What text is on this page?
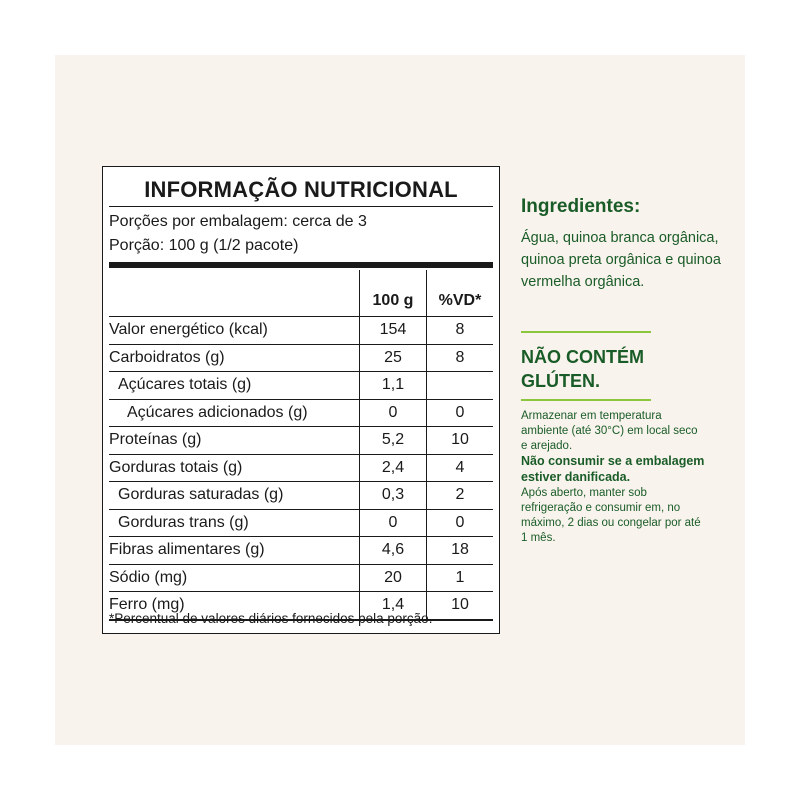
INFORMAÇÃO NUTRICIONAL
Porções por embalagem: cerca de 3
Porção: 100 g (1/2 pacote)
	100 g	%VD*
Valor energético (kcal)	154	8
Carboidratos (g)	25	8
Açúcares totais (g)	1,1	
Açúcares adicionados (g)	0	0
Proteínas (g)	5,2	10
Gorduras totais (g)	2,4	4
Gorduras saturadas (g)	0,3	2
Gorduras trans (g)	0	0
Fibras alimentares (g)	4,6	18
Sódio (mg)	20	1
Ferro (mg)	1,4	10
*Percentual de valores diários fornecidos pela porção.
Ingredientes:
Água, quinoa branca orgânica, quinoa preta orgânica e quinoa vermelha orgânica.
NÃO CONTÉM GLÚTEN.
Armazenar em temperatura ambiente (até 30°C) em local seco e arejado.
Não consumir se a embalagem estiver danificada.
Após aberto, manter sob refrigeração e consumir em, no máximo, 2 dias ou congelar por até 1 mês.
